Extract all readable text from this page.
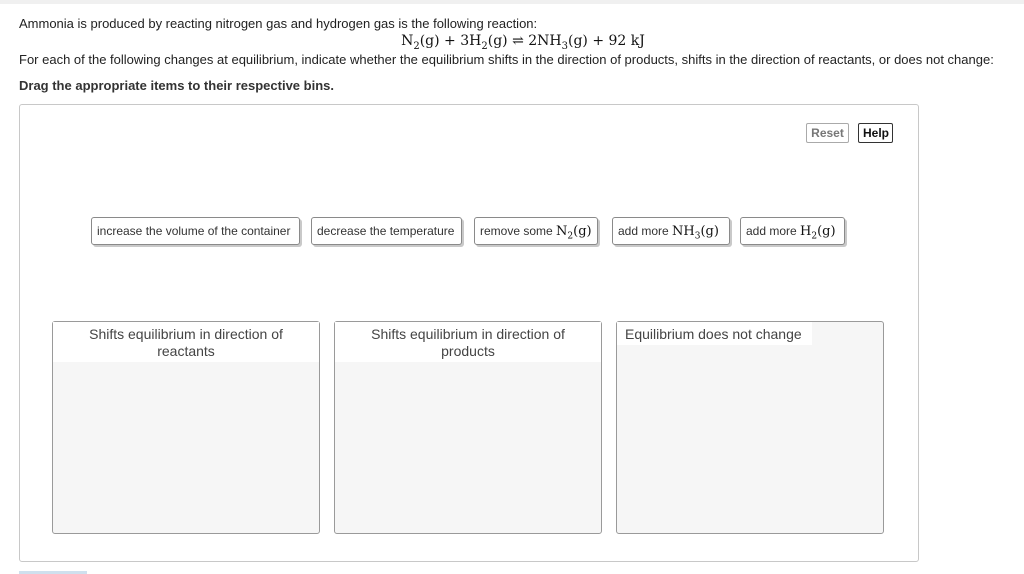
Ammonia is produced by reacting nitrogen gas and hydrogen gas is the following reaction:
$N_2(g) + 3H_2(g)$ ⇌ $2NH_3(g) + 92$ kJ
For each of the following changes at equilibrium, indicate whether the equilibrium shifts in the direction of products, shifts in the direction of reactants, or does not change:
Drag the appropriate items to their respective bins.
Reset	Help
increase the volume of the container	decrease the temperature	remove some $N_2(g)$	add more $NH_3(g)$	add more $H_2(g)$
Shifts equilibrium in direction of reactants
Shifts equilibrium in direction of products
Equilibrium does not change
